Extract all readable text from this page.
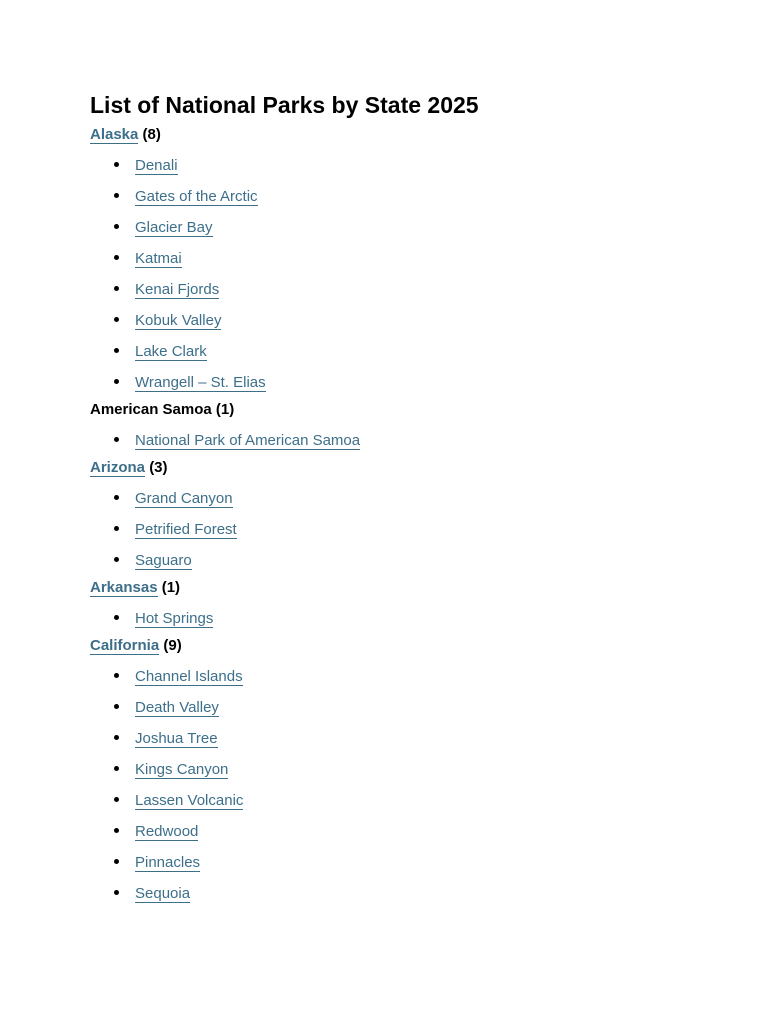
List of National Parks by State 2025
Alaska (8)
Denali
Gates of the Arctic
Glacier Bay
Katmai
Kenai Fjords
Kobuk Valley
Lake Clark
Wrangell – St. Elias
American Samoa (1)
National Park of American Samoa
Arizona (3)
Grand Canyon
Petrified Forest
Saguaro
Arkansas (1)
Hot Springs
California (9)
Channel Islands
Death Valley
Joshua Tree
Kings Canyon
Lassen Volcanic
Redwood
Pinnacles
Sequoia
